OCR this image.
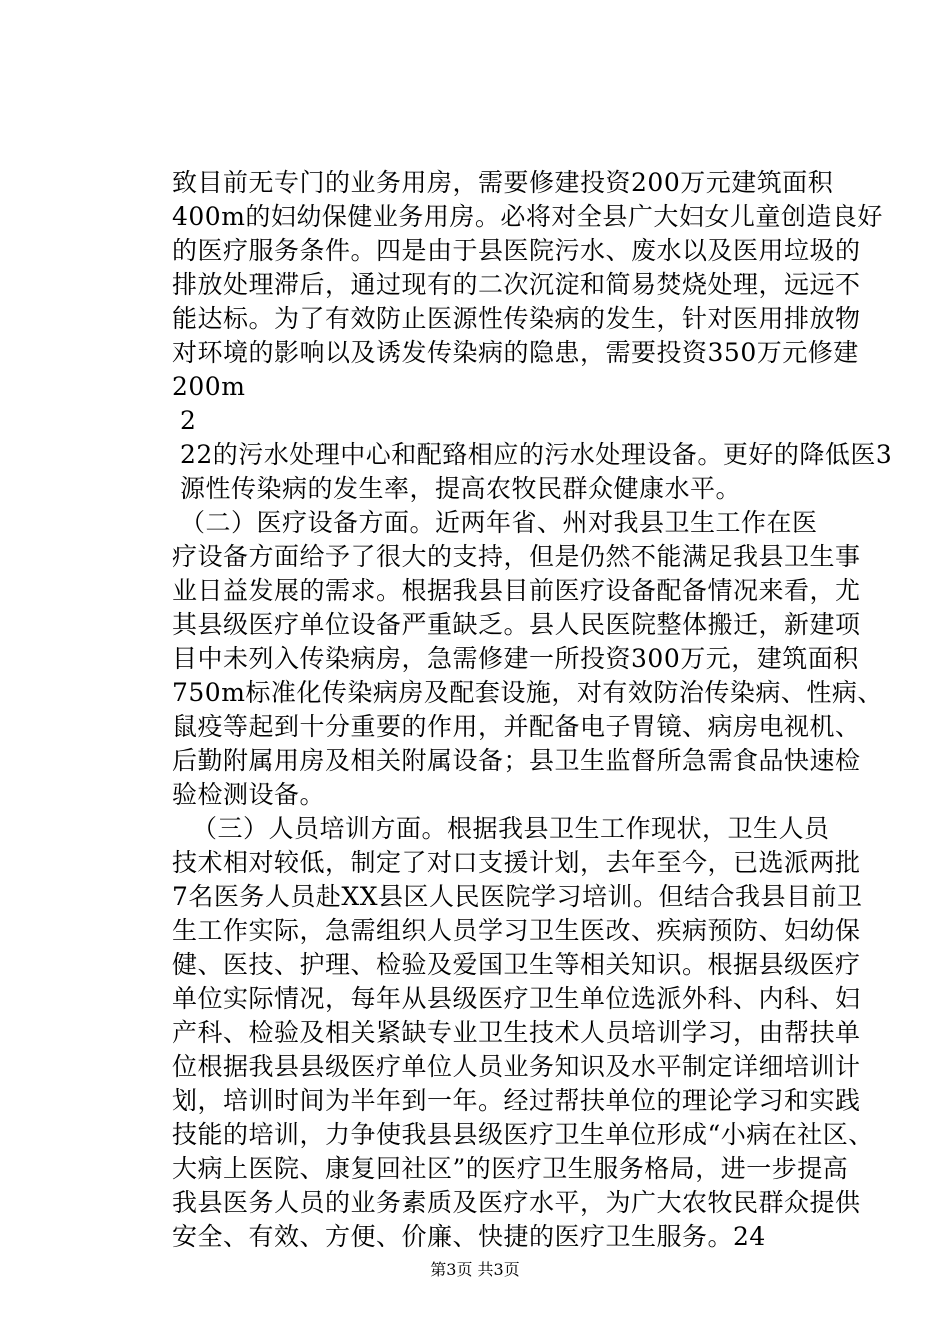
致目前无专门的业务用房，需要修建投资200万元建筑面积
400m的妇幼保健业务用房。必将对全县广大妇女儿童创造良好
的医疗服务条件。四是由于县医院污水、废水以及医用垃圾的
排放处理滞后，通过现有的二次沉淀和简易焚烧处理，远远不
能达标。为了有效防止医源性传染病的发生，针对医用排放物
对环境的影响以及诱发传染病的隐患，需要投资350万元修建
200m
2
22的污水处理中心和配臵相应的污水处理设备。更好的降低医3
源性传染病的发生率，提高农牧民群众健康水平。
（二）医疗设备方面。近两年省、州对我县卫生工作在医
疗设备方面给予了很大的支持，但是仍然不能满足我县卫生事
业日益发展的需求。根据我县目前医疗设备配备情况来看，尤
其县级医疗单位设备严重缺乏。县人民医院整体搬迁，新建项
目中未列入传染病房，急需修建一所投资300万元，建筑面积
750m标准化传染病房及配套设施，对有效防治传染病、性病、
鼠疫等起到十分重要的作用，并配备电子胃镜、病房电视机、
后勤附属用房及相关附属设备；县卫生监督所急需食品快速检
验检测设备。
（三）人员培训方面。根据我县卫生工作现状，卫生人员
技术相对较低，制定了对口支援计划，去年至今，已选派两批
7名医务人员赴XX县区人民医院学习培训。但结合我县目前卫
生工作实际，急需组织人员学习卫生医改、疾病预防、妇幼保
健、医技、护理、检验及爱国卫生等相关知识。根据县级医疗
单位实际情况，每年从县级医疗卫生单位选派外科、内科、妇
产科、检验及相关紧缺专业卫生技术人员培训学习，由帮扶单
位根据我县县级医疗单位人员业务知识及水平制定详细培训计
划，培训时间为半年到一年。经过帮扶单位的理论学习和实践
技能的培训，力争使我县县级医疗卫生单位形成“小病在社区、
大病上医院、康复回社区”的医疗卫生服务格局，进一步提高
我县医务人员的业务素质及医疗水平，为广大农牧民群众提供
安全、有效、方便、价廉、快捷的医疗卫生服务。24
第3页 共3页
